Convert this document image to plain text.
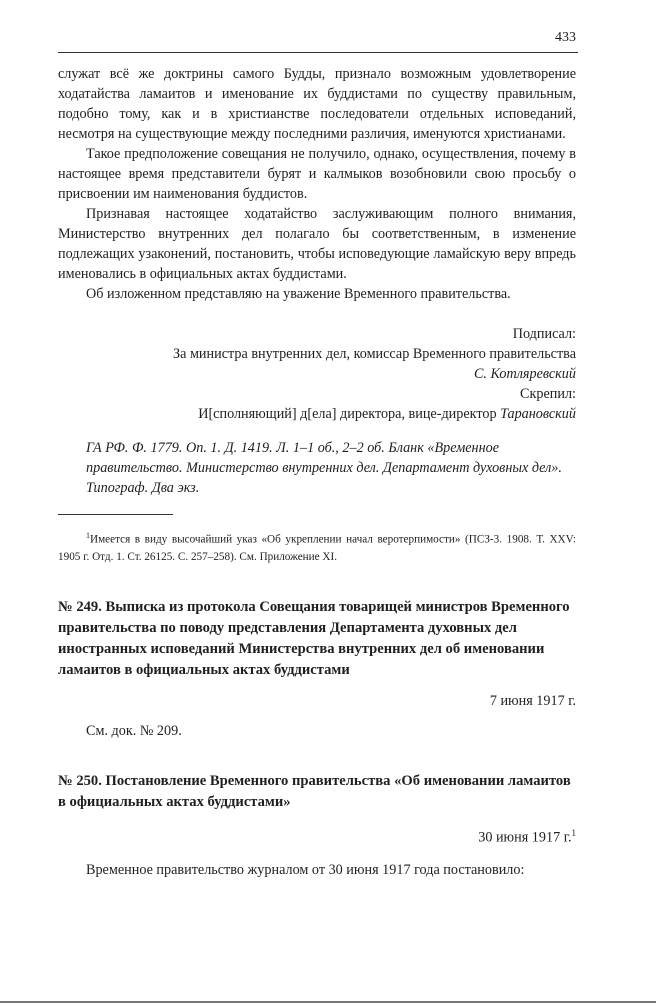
433

служат всё же доктрины самого Будды, признало возможным удовлетворение ходатайства ламаитов и именование их буддистами по существу правильным, подобно тому, как и в христианстве последователи отдельных исповеданий, несмотря на существующие между последними различия, именуются христианами.

Такое предположение совещания не получило, однако, осуществления, почему в настоящее время представители бурят и калмыков возобновили свою просьбу о присвоении им наименования буддистов.

Признавая настоящее ходатайство заслуживающим полного внимания, Министерство внутренних дел полагало бы соответственным, в изменение подлежащих узаконений, постановить, чтобы исповедующие ламайскую веру впредь именовались в официальных актах буддистами.

Об изложенном представляю на уважение Временного правительства.

Подписал:
За министра внутренних дел, комиссар Временного правительства
С. Котляревский
Скрепил:
И[сполняющий] д[ела] директора, вице-директор Тарановский
ГА РФ. Ф. 1779. Оп. 1. Д. 1419. Л. 1–1 об., 2–2 об. Бланк «Временное правительство. Министерство внутренних дел. Департамент духовных дел». Типограф. Два экз.
$^1$Имеется в виду высочайший указ «Об укреплении начал веротерпимости» (ПСЗ-3. 1908. Т. XXV: 1905 г. Отд. 1. Ст. 26125. С. 257–258). См. Приложение XI.

№ 249. Выписка из протокола Совещания товарищей министров Временного правительства по поводу представления Департамента духовных дел иностранных исповеданий Министерства внутренних дел об именовании ламаитов в официальных актах буддистами

7 июня 1917 г.
См. док. № 209.

№ 250. Постановление Временного правительства «Об именовании ламаитов в официальных актах буддистами»

30 июня 1917 г.$^1$

Временное правительство журналом от 30 июня 1917 года постановило:
